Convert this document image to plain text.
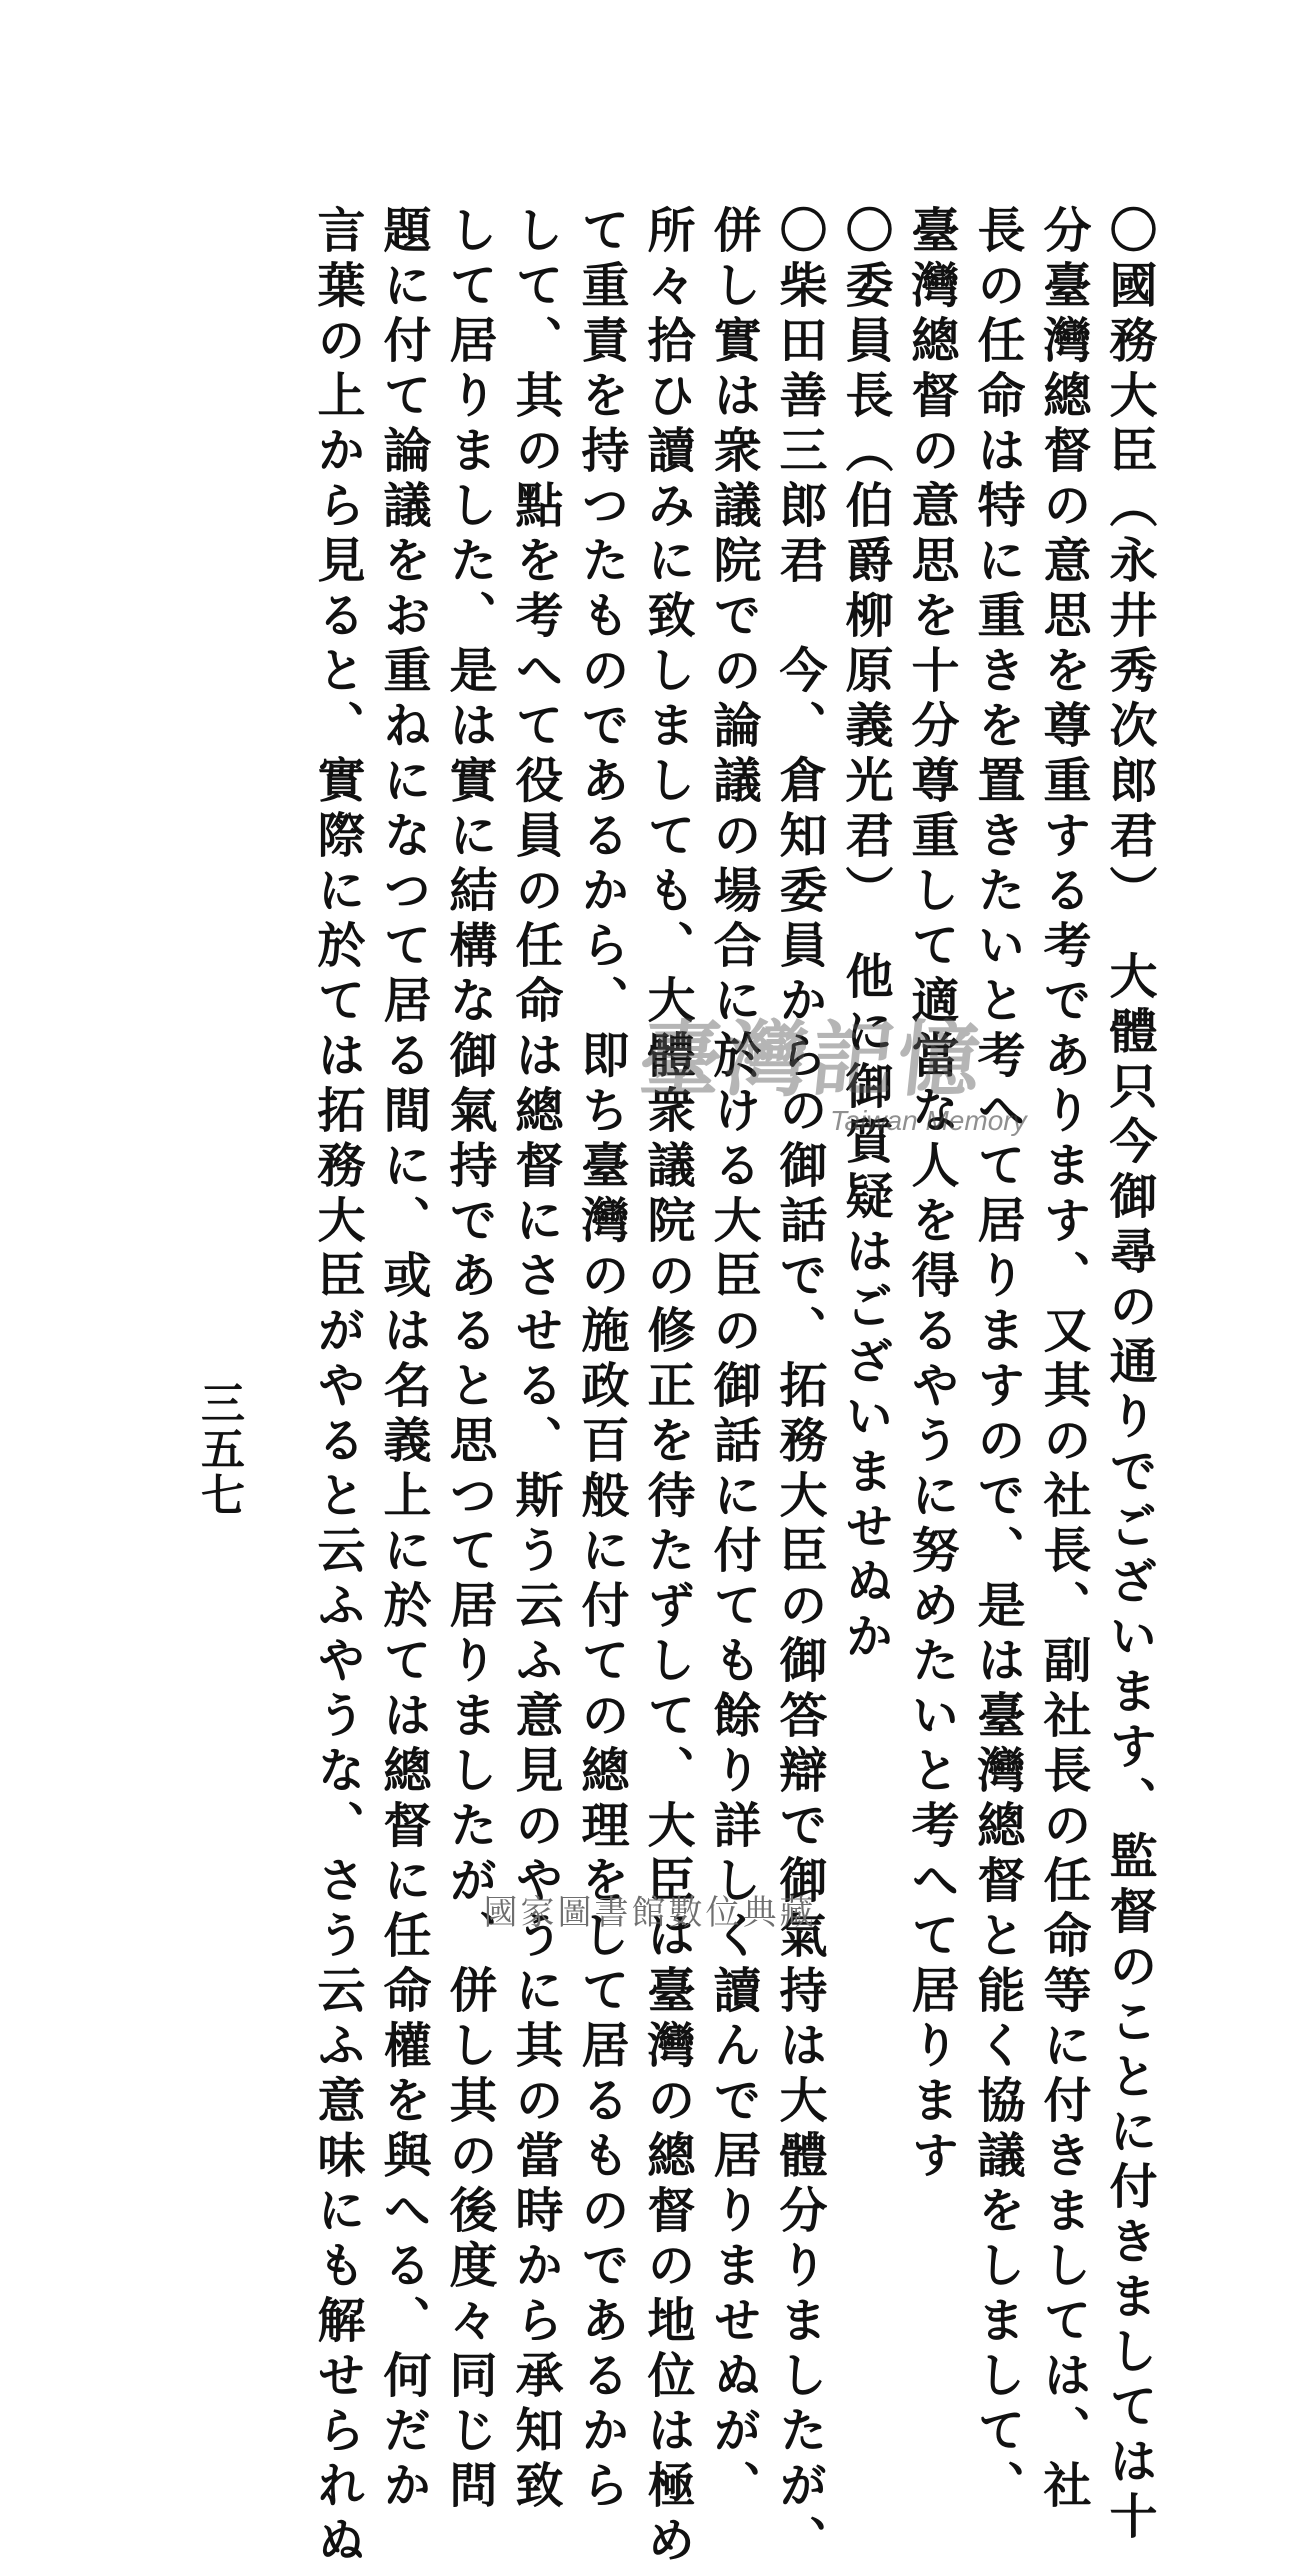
〇國務大臣（永井秀次郎君）　大體只今御尋の通りでございます、監督のことに付きましては十
分臺灣總督の意思を尊重する考であります、又其の社長、副社長の任命等に付きましては、社
長の任命は特に重きを置きたいと考へて居りますので、是は臺灣總督と能く協議をしまして、
臺灣總督の意思を十分尊重して適當な人を得るやうに努めたいと考へて居ります
〇委員長（伯爵柳原義光君）　他に御質疑はございませぬか
〇柴田善三郎君　今、倉知委員からの御話で、拓務大臣の御答辯で御氣持は大體分りましたが、
併し實は衆議院での論議の場合に於ける大臣の御話に付ても餘り詳しく讀んで居りませぬが、
所々拾ひ讀みに致しましても、大體衆議院の修正を待たずして、大臣は臺灣の總督の地位は極め
て重責を持つたものであるから、即ち臺灣の施政百般に付ての總理をして居るものであるから
して、其の點を考へて役員の任命は總督にさせる、斯う云ふ意見のやうに其の當時から承知致
して居りました、是は實に結構な御氣持であると思つて居りましたが、併し其の後度々同じ問
題に付て論議をお重ねになつて居る間に、或は名義上に於ては總督に任命權を與へる、何だか
言葉の上から見ると、實際に於ては拓務大臣がやると云ふやうな、さう云ふ意味にも解せられぬ
三五七
臺灣記憶
Taiwan Memory
國家圖書館數位典藏
